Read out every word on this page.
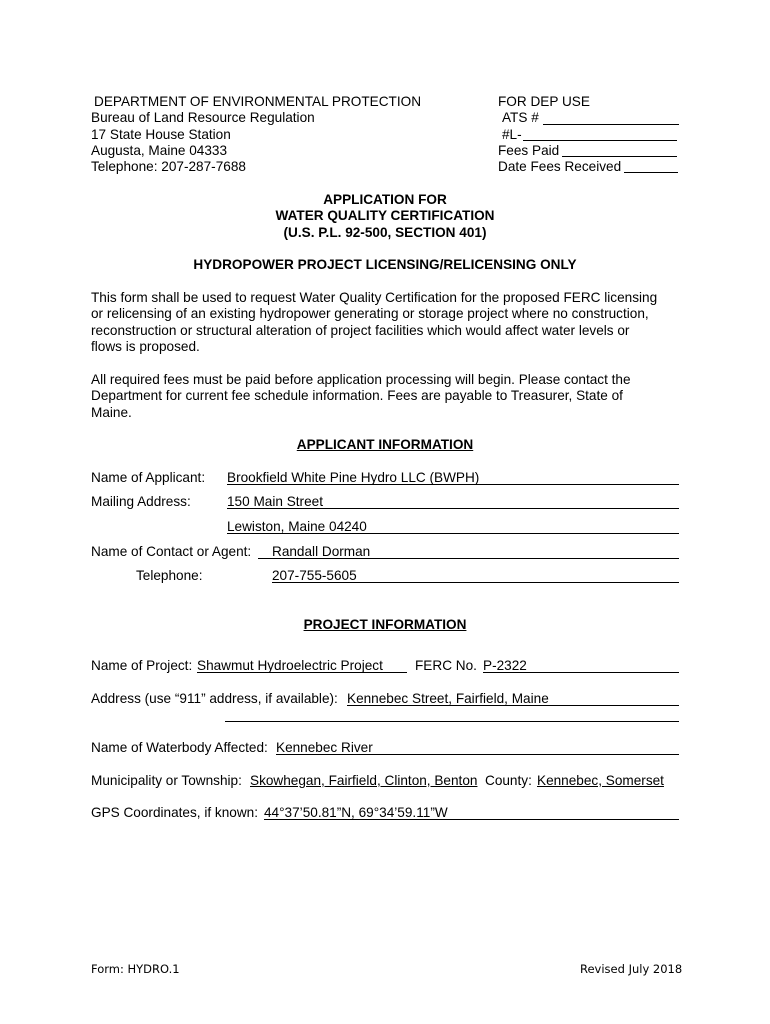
DEPARTMENT OF ENVIRONMENTAL PROTECTION
Bureau of Land Resource Regulation
17 State House Station
Augusta, Maine 04333
Telephone: 207-287-7688
FOR DEP USE
ATS #
#L-
Fees Paid
Date Fees Received
APPLICATION FOR
WATER QUALITY CERTIFICATION
(U.S. P.L. 92-500, SECTION 401)
HYDROPOWER PROJECT LICENSING/RELICENSING ONLY
This form shall be used to request Water Quality Certification for the proposed FERC licensing or relicensing of an existing hydropower generating or storage project where no construction, reconstruction or structural alteration of project facilities which would affect water levels or flows is proposed.
All required fees must be paid before application processing will begin. Please contact the Department for current fee schedule information. Fees are payable to Treasurer, State of Maine.
APPLICANT INFORMATION
Name of Applicant: Brookfield White Pine Hydro LLC (BWPH)
Mailing Address:	150 Main Street
Lewiston, Maine 04240
Name of Contact or Agent: Randall Dorman
Telephone:	207-755-5605
PROJECT INFORMATION
Name of Project: Shawmut Hydroelectric Project FERC No. P-2322
Address (use “911” address, if available): Kennebec Street, Fairfield, Maine
Name of Waterbody Affected: Kennebec River
Municipality or Township: Skowhegan, Fairfield, Clinton, Benton County: Kennebec, Somerset
GPS Coordinates, if known: 44°37’50.81”N, 69°34’59.11”W
Form: HYDRO.1	Revised July 2018
